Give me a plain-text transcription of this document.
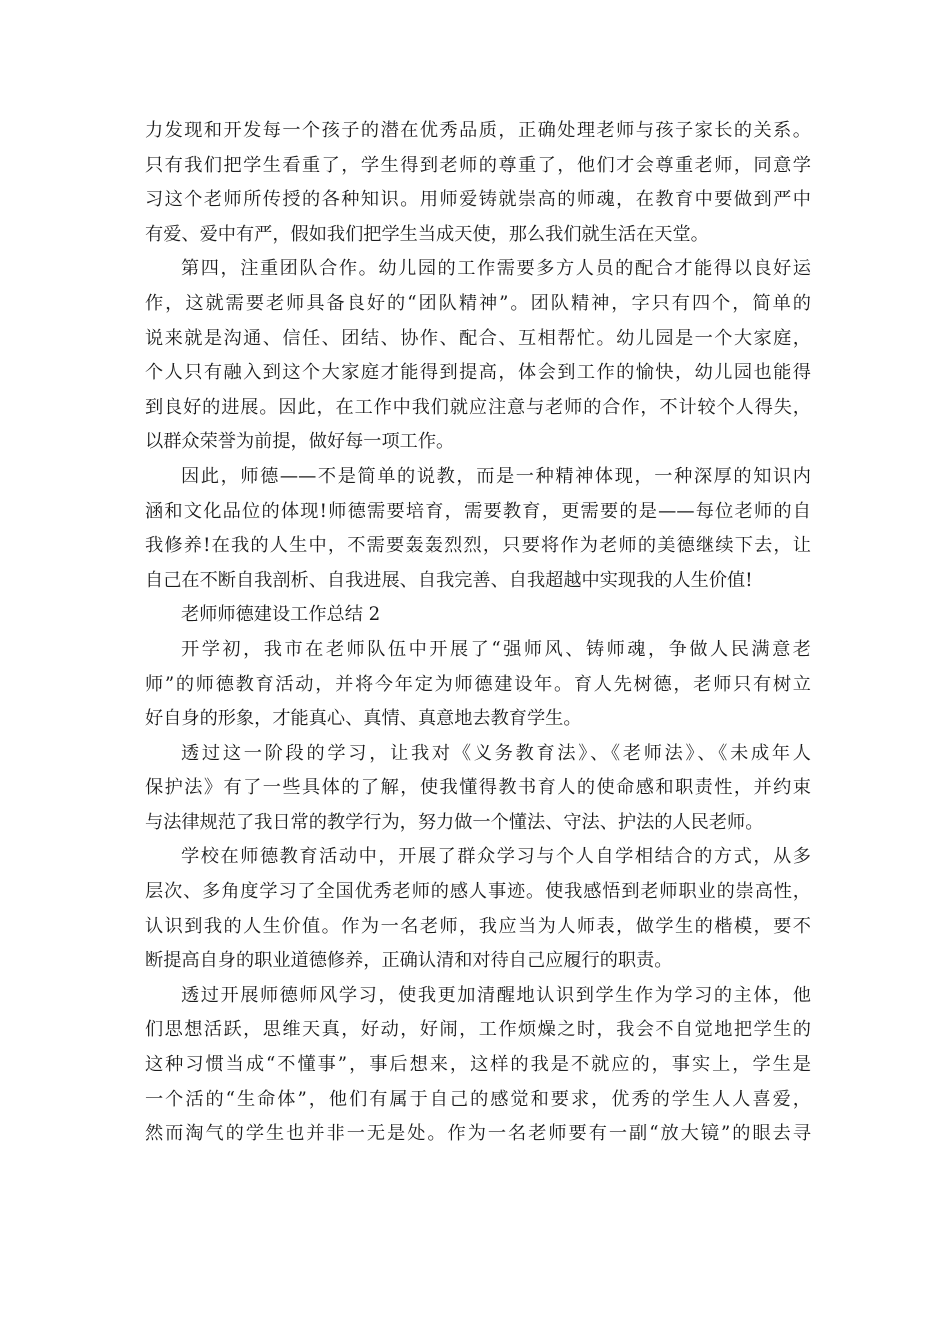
力发现和开发每一个孩子的潜在优秀品质，正确处理老师与孩子家长的关系。
只有我们把学生看重了，学生得到老师的尊重了，他们才会尊重老师，同意学
习这个老师所传授的各种知识。用师爱铸就崇高的师魂，在教育中要做到严中
有爱、爱中有严，假如我们把学生当成天使，那么我们就生活在天堂。
第四，注重团队合作。幼儿园的工作需要多方人员的配合才能得以良好运
作，这就需要老师具备良好的“团队精神”。团队精神，字只有四个，简单的
说来就是沟通、信任、团结、协作、配合、互相帮忙。幼儿园是一个大家庭，
个人只有融入到这个大家庭才能得到提高，体会到工作的愉快，幼儿园也能得
到良好的进展。因此，在工作中我们就应注意与老师的合作，不计较个人得失，
以群众荣誉为前提，做好每一项工作。
因此，师德——不是简单的说教，而是一种精神体现，一种深厚的知识内
涵和文化品位的体现!师德需要培育，需要教育，更需要的是——每位老师的自
我修养!在我的人生中，不需要轰轰烈烈，只要将作为老师的美德继续下去，让
自己在不断自我剖析、自我进展、自我完善、自我超越中实现我的人生价值!
老师师德建设工作总结 2
开学初，我市在老师队伍中开展了“强师风、铸师魂，争做人民满意老
师”的师德教育活动，并将今年定为师德建设年。育人先树德，老师只有树立
好自身的形象，才能真心、真情、真意地去教育学生。
透过这一阶段的学习，让我对《义务教育法》、《老师法》、《未成年人
保护法》有了一些具体的了解，使我懂得教书育人的使命感和职责性，并约束
与法律规范了我日常的教学行为，努力做一个懂法、守法、护法的人民老师。
学校在师德教育活动中，开展了群众学习与个人自学相结合的方式，从多
层次、多角度学习了全国优秀老师的感人事迹。使我感悟到老师职业的崇高性，
认识到我的人生价值。作为一名老师，我应当为人师表，做学生的楷模，要不
断提高自身的职业道德修养，正确认清和对待自己应履行的职责。
透过开展师德师风学习，使我更加清醒地认识到学生作为学习的主体，他
们思想活跃，思维天真，好动，好闹，工作烦燥之时，我会不自觉地把学生的
这种习惯当成“不懂事”，事后想来，这样的我是不就应的，事实上，学生是
一个活的“生命体”，他们有属于自己的感觉和要求，优秀的学生人人喜爱，
然而淘气的学生也并非一无是处。作为一名老师要有一副“放大镜”的眼去寻
